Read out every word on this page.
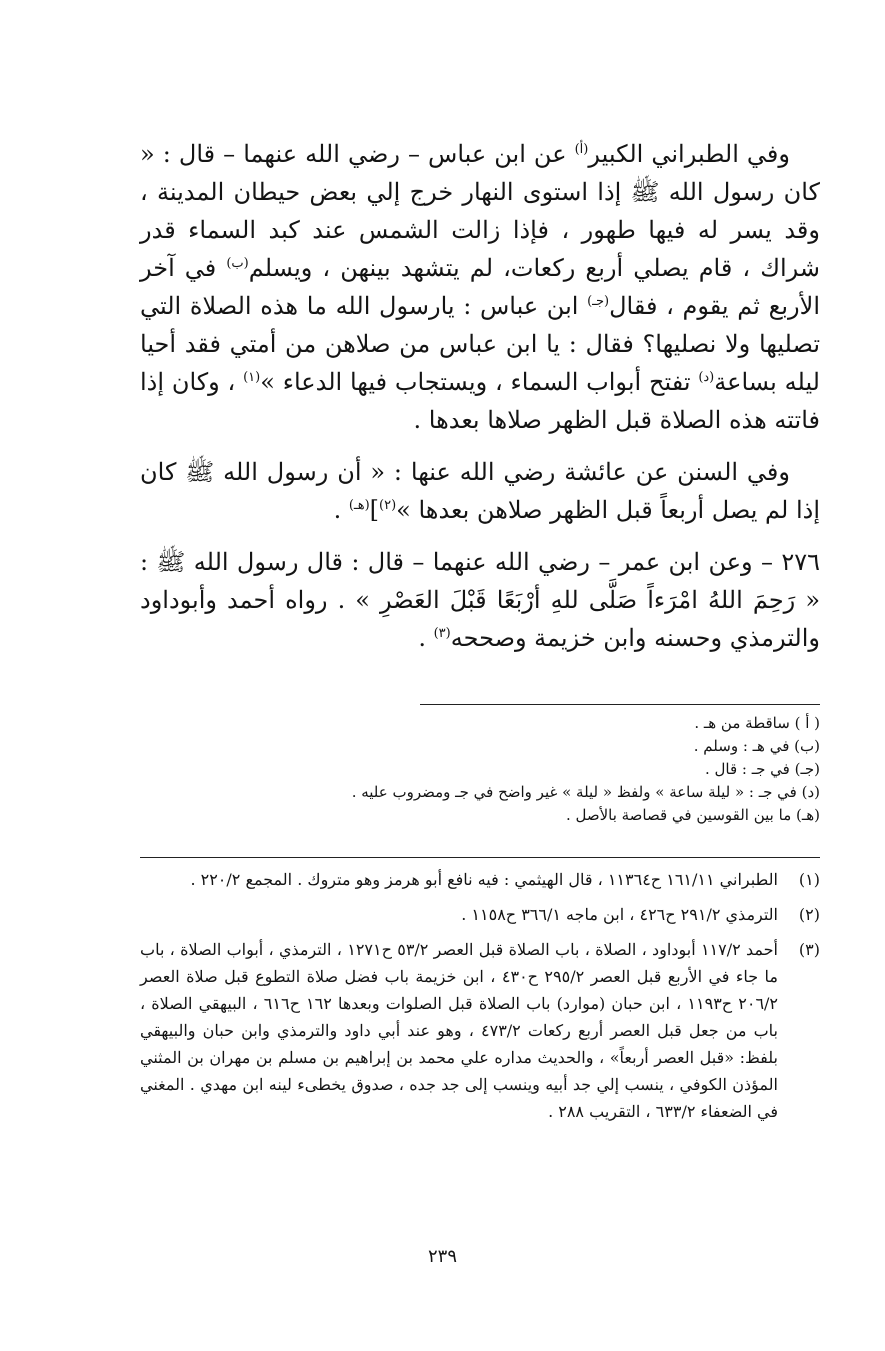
وفي الطبراني الكبير$^{(أ)}$ عن ابن عباس – رضي الله عنهما – قال : « كان رسول الله ﷺ إذا استوى النهار خرج إلي بعض حيطان المدينة ، وقد يسر له فيها طهور ، فإذا زالت الشمس عند كبد السماء قدر شراك ، قام يصلي أربع ركعات، لم يتشهد بينهن ، ويسلم$^{(ب)}$ في آخر الأربع ثم يقوم ، فقال$^{(جـ)}$ ابن عباس : يارسول الله ما هذه الصلاة التي تصليها ولا نصليها؟ فقال : يا ابن عباس من صلاهن من أمتي فقد أحيا ليله بساعة$^{(د)}$ تفتح أبواب السماء ، ويستجاب فيها الدعاء »$^{(١)}$ ، وكان إذا فاتته هذه الصلاة قبل الظهر صلاها بعدها .

وفي السنن عن عائشة رضي الله عنها : « أن رسول الله ﷺ كان إذا لم يصل أربعاً قبل الظهر صلاهن بعدها »$^{(٢)}$]$^{(هـ)}$ .

٢٧٦ – وعن ابن عمر – رضي الله عنهما – قال : قال رسول الله ﷺ : « رَحِمَ اللهُ امْرَءاً صَلَّى للهِ أرْبَعًا قَبْلَ العَصْرِ » . رواه أحمد وأبوداود والترمذي وحسنه وابن خزيمة وصححه$^{(٣)}$ .

( أ ) ساقطة من هـ .
(ب) في هـ : وسلم .
(جـ) في جـ : قال .
(د) في جـ : « ليلة ساعة » ولفظ « ليلة » غير واضح في جـ ومضروب عليه .
(هـ) ما بين القوسين في قصاصة بالأصل .
(١)
الطبراني ١٦١/١١ ح١١٣٦٤ ، قال الهيثمي : فيه نافع أبو هرمز وهو متروك . المجمع ٢٢٠/٢ .
(٢)
الترمذي ٢٩١/٢ ح٤٢٦ ، ابن ماجه ٣٦٦/١ ح١١٥٨ .
(٣)
أحمد ١١٧/٢ أبوداود ، الصلاة ، باب الصلاة قبل العصر ٥٣/٢ ح١٢٧١ ، الترمذي ، أبواب الصلاة ، باب ما جاء في الأربع قبل العصر ٢٩٥/٢ ح٤٣٠ ، ابن خزيمة باب فضل صلاة التطوع قبل صلاة العصر ٢٠٦/٢ ح١١٩٣ ، ابن حبان (موارد) باب الصلاة قبل الصلوات وبعدها ١٦٢ ح٦١٦ ، البيهقي الصلاة ، باب من جعل قبل العصر أربع ركعات ٤٧٣/٢ ، وهو عند أبي داود والترمذي وابن حبان والبيهقي بلفظ: «قبل العصر أربعاً» ، والحديث مداره علي محمد بن إبراهيم بن مسلم بن مهران بن المثني المؤذن الكوفي ، ينسب إلي جد أبيه وينسب إلى جد جده ، صدوق يخطىء لينه ابن مهدي . المغني في الضعفاء ٦٣٣/٢ ، التقريب ٢٨٨ .
٢٣٩
